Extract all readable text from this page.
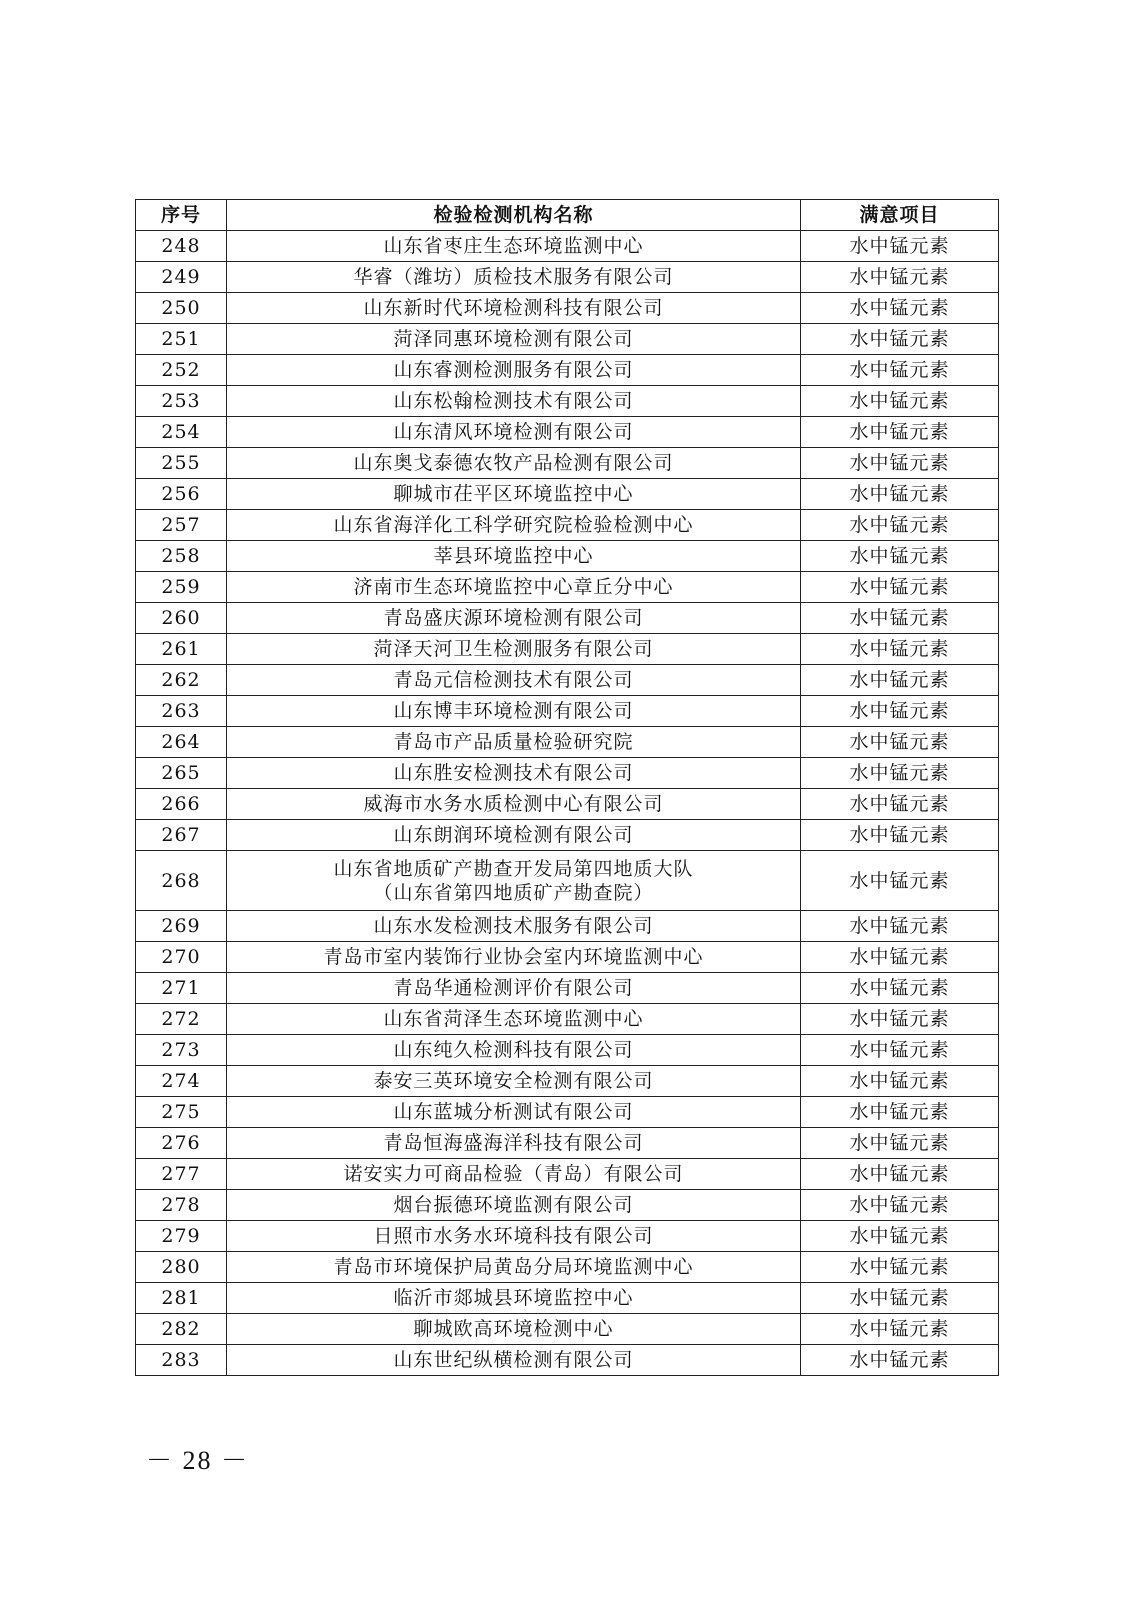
序号	检验检测机构名称	满意项目
248	山东省枣庄生态环境监测中心	水中锰元素
249	华睿（潍坊）质检技术服务有限公司	水中锰元素
250	山东新时代环境检测科技有限公司	水中锰元素
251	菏泽同惠环境检测有限公司	水中锰元素
252	山东睿测检测服务有限公司	水中锰元素
253	山东松翰检测技术有限公司	水中锰元素
254	山东清风环境检测有限公司	水中锰元素
255	山东奥戈泰德农牧产品检测有限公司	水中锰元素
256	聊城市茌平区环境监控中心	水中锰元素
257	山东省海洋化工科学研究院检验检测中心	水中锰元素
258	莘县环境监控中心	水中锰元素
259	济南市生态环境监控中心章丘分中心	水中锰元素
260	青岛盛庆源环境检测有限公司	水中锰元素
261	菏泽天河卫生检测服务有限公司	水中锰元素
262	青岛元信检测技术有限公司	水中锰元素
263	山东博丰环境检测有限公司	水中锰元素
264	青岛市产品质量检验研究院	水中锰元素
265	山东胜安检测技术有限公司	水中锰元素
266	威海市水务水质检测中心有限公司	水中锰元素
267	山东朗润环境检测有限公司	水中锰元素
268	山东省地质矿产勘查开发局第四地质大队
（山东省第四地质矿产勘查院）	水中锰元素
269	山东水发检测技术服务有限公司	水中锰元素
270	青岛市室内装饰行业协会室内环境监测中心	水中锰元素
271	青岛华通检测评价有限公司	水中锰元素
272	山东省菏泽生态环境监测中心	水中锰元素
273	山东纯久检测科技有限公司	水中锰元素
274	泰安三英环境安全检测有限公司	水中锰元素
275	山东蓝城分析测试有限公司	水中锰元素
276	青岛恒海盛海洋科技有限公司	水中锰元素
277	诺安实力可商品检验（青岛）有限公司	水中锰元素
278	烟台振德环境监测有限公司	水中锰元素
279	日照市水务水环境科技有限公司	水中锰元素
280	青岛市环境保护局黄岛分局环境监测中心	水中锰元素
281	临沂市郯城县环境监控中心	水中锰元素
282	聊城欧高环境检测中心	水中锰元素
283	山东世纪纵横检测有限公司	水中锰元素
－ 28 －
